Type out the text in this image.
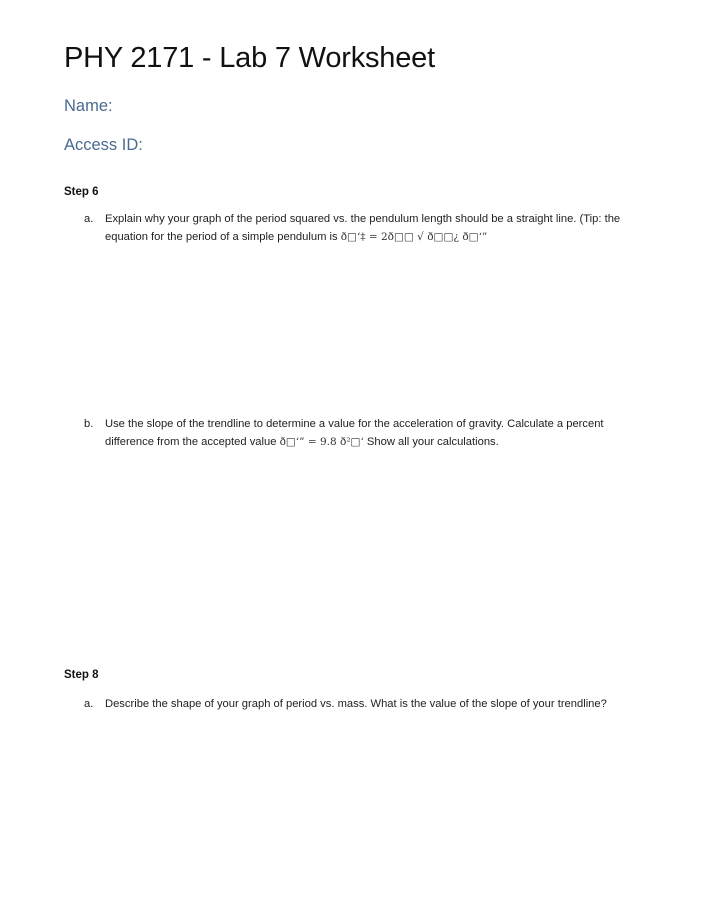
PHY 2171 - Lab 7 Worksheet
Name:
Access ID:
Step 6
a. Explain why your graph of the period squared vs. the pendulum length should be a straight line. (Tip: the equation for the period of a simple pendulum is ð□‘‡ = 2ð□□ √ ð□□¿ ð□‘”
b. Use the slope of the trendline to determine a value for the acceleration of gravity. Calculate a percent difference from the accepted value ð□‘” = 9.8 ð²□‘ Show all your calculations.
Step 8
a. Describe the shape of your graph of period vs. mass. What is the value of the slope of your trendline?
